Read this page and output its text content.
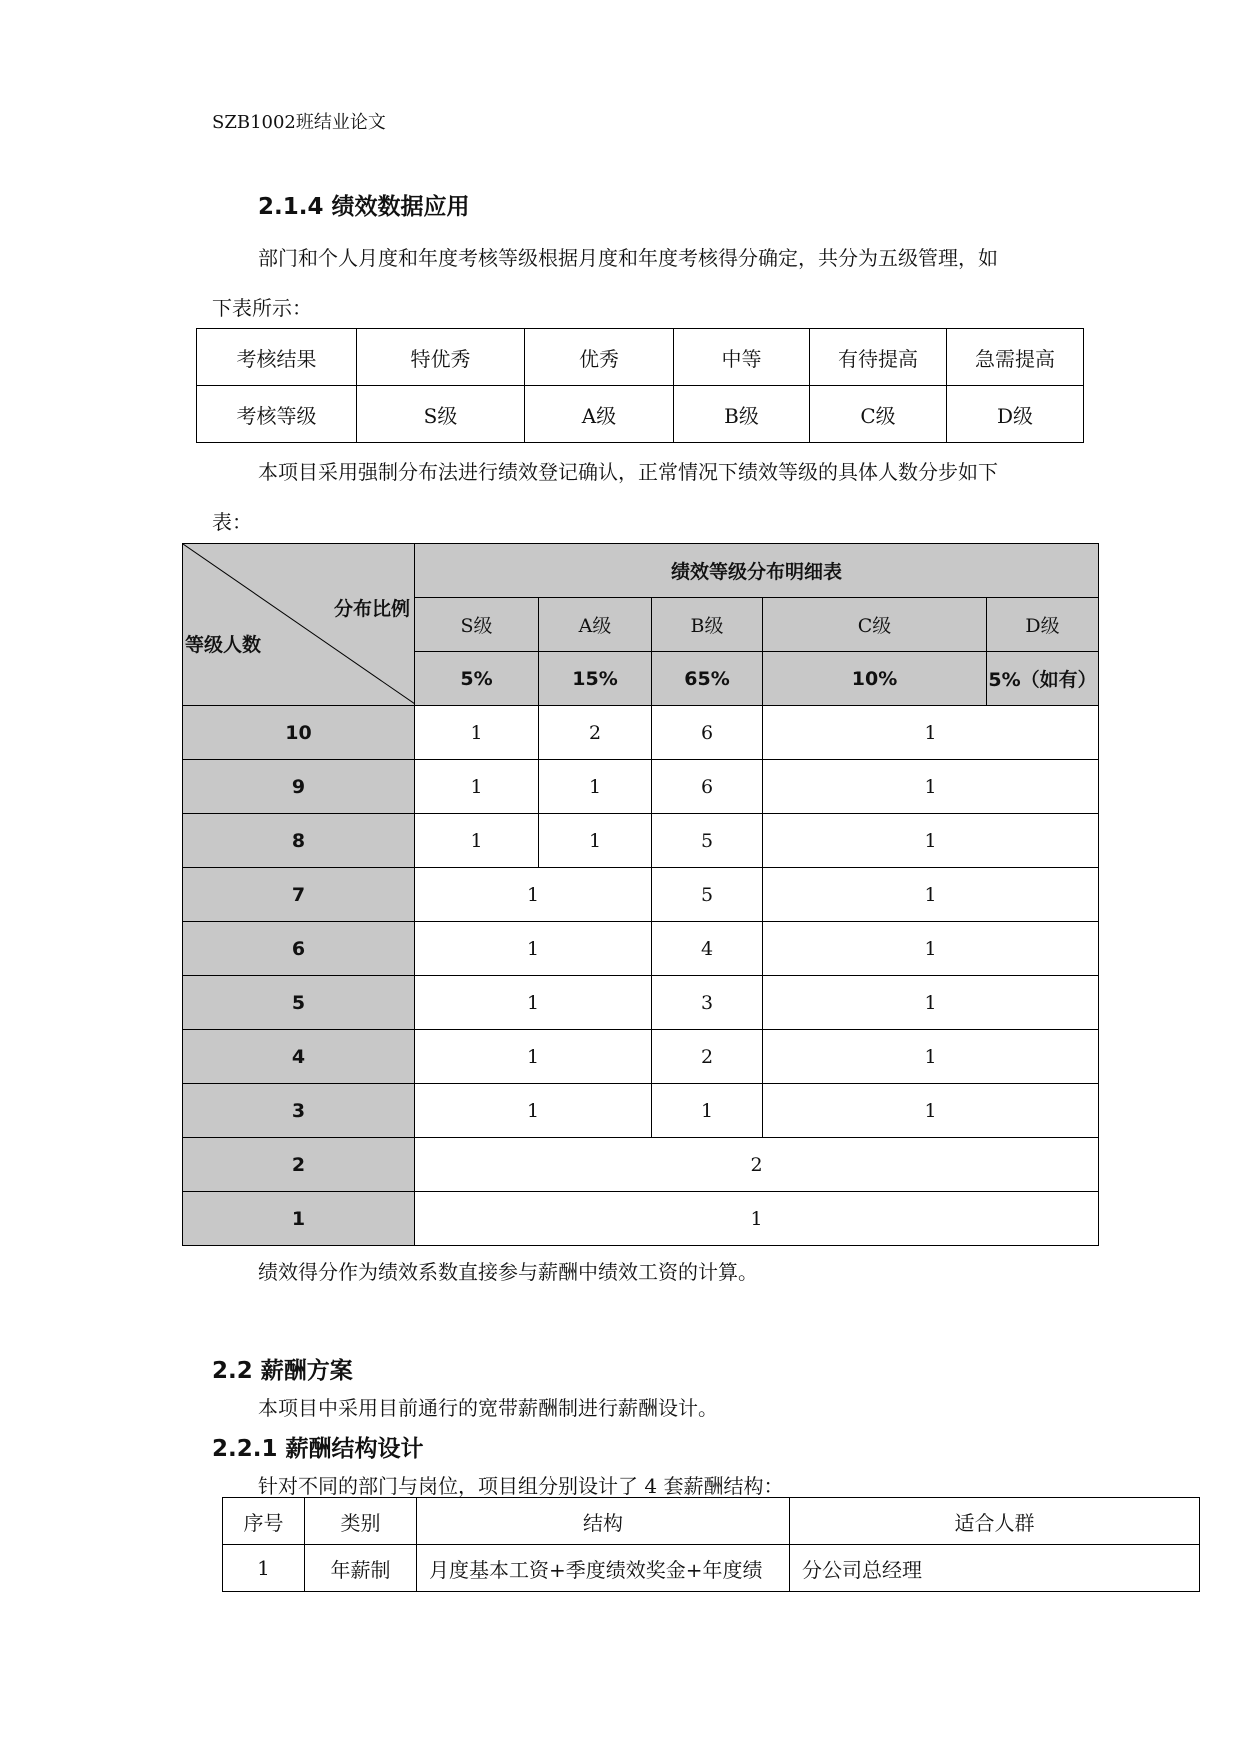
SZB1002班结业论文
2.1.4 绩效数据应用
部门和个人月度和年度考核等级根据月度和年度考核得分确定，共分为五级管理，如
下表所示：
考核结果	特优秀	优秀	中等	有待提高	急需提高
考核等级	S级	A级	B级	C级	D级
本项目采用强制分布法进行绩效登记确认，正常情况下绩效等级的具体人数分步如下
表：
分布比例
等级人数	绩效等级分布明细表				
	S级	A级	B级	C级	D级
	5%	15%	65%	10%	5%（如有）
10	1	2	6	1	
9	1	1	6	1	
8	1	1	5	1	
7	1		5	1	
6	1		4	1	
5	1		3	1	
4	1		2	1	
3	1		1	1	
2	2				
1	1				
绩效得分作为绩效系数直接参与薪酬中绩效工资的计算。
2.2 薪酬方案
本项目中采用目前通行的宽带薪酬制进行薪酬设计。
2.2.1 薪酬结构设计
针对不同的部门与岗位，项目组分别设计了 4 套薪酬结构：
序号	类别	结构	适合人群
1	年薪制	月度基本工资+季度绩效奖金+年度绩	分公司总经理
